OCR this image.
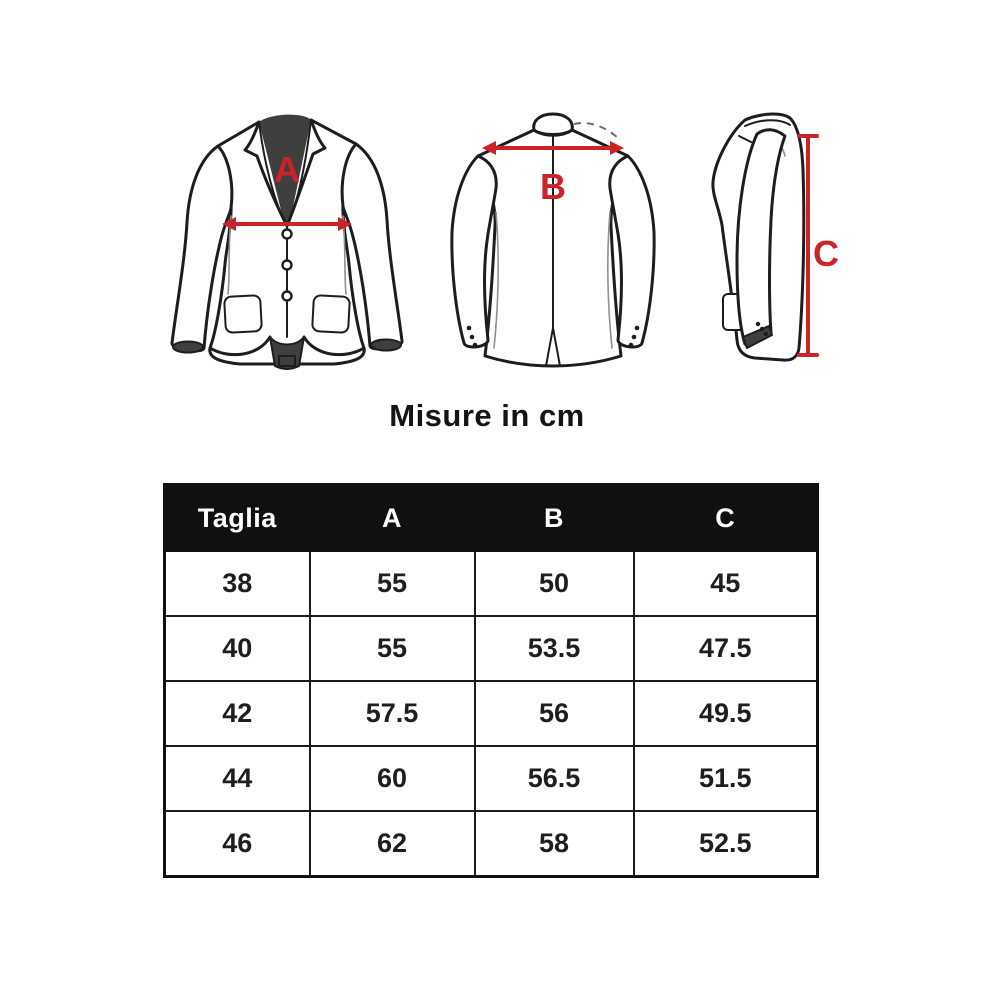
A	B
C
Misure in cm
Taglia	A	B	C
38	55	50	45
40	55	53.5	47.5
42	57.5	56	49.5
44	60	56.5	51.5
46	62	58	52.5
